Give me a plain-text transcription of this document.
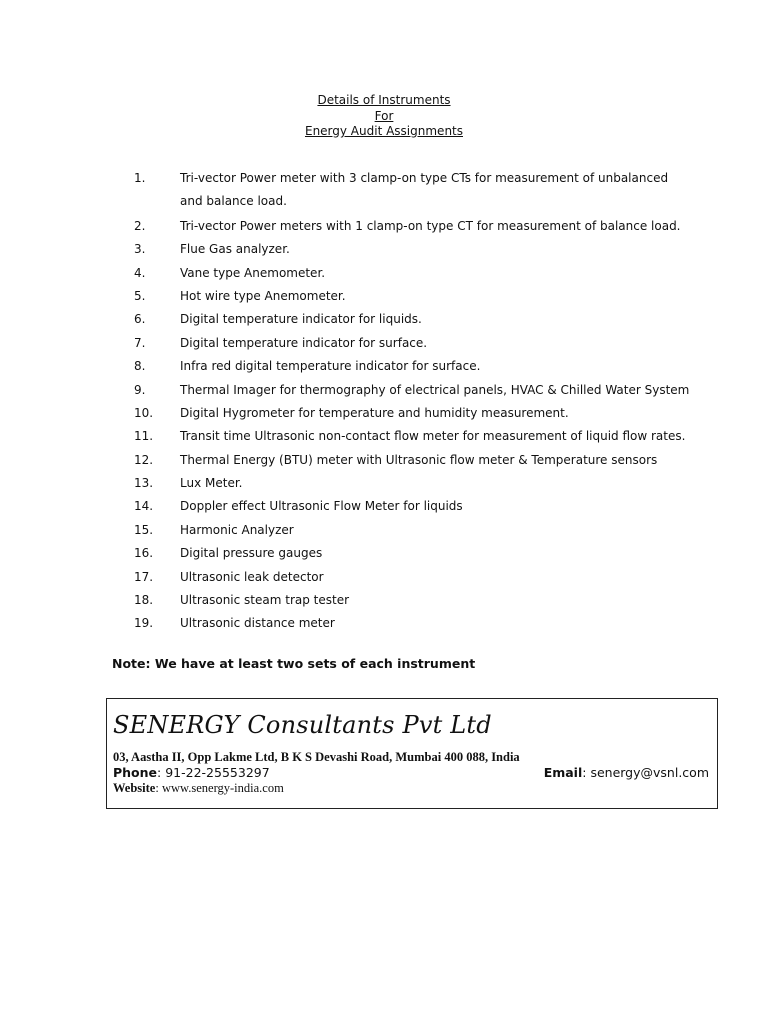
Details of Instruments
For
Energy Audit Assignments
1.	Tri-vector Power meter with 3 clamp-on type CTs for measurement of unbalanced
and balance load.
2.	Tri-vector Power meters with 1 clamp-on type CT for measurement of balance load.
3.	Flue Gas analyzer.
4.	Vane type Anemometer.
5.	Hot wire type Anemometer.
6.	Digital temperature indicator for liquids.
7.	Digital temperature indicator for surface.
8.	Infra red digital temperature indicator for surface.
9.	Thermal Imager for thermography of electrical panels, HVAC & Chilled Water System
10. Digital Hygrometer for temperature and humidity measurement.
11. Transit time Ultrasonic non-contact flow meter for measurement of liquid flow rates.
12. Thermal Energy (BTU) meter with Ultrasonic flow meter & Temperature sensors
13. Lux Meter.
14. Doppler effect Ultrasonic Flow Meter for liquids
15. Harmonic Analyzer
16. Digital pressure gauges
17. Ultrasonic leak detector
18. Ultrasonic steam trap tester
19. Ultrasonic distance meter
Note: We have at least two sets of each instrument
SENERGY Consultants Pvt Ltd
03, Aastha II, Opp Lakme Ltd, B K S Devashi Road, Mumbai 400 088, India
Phone: 91-22-25553297	Email: senergy@vsnl.com
Website: www.senergy-india.com
